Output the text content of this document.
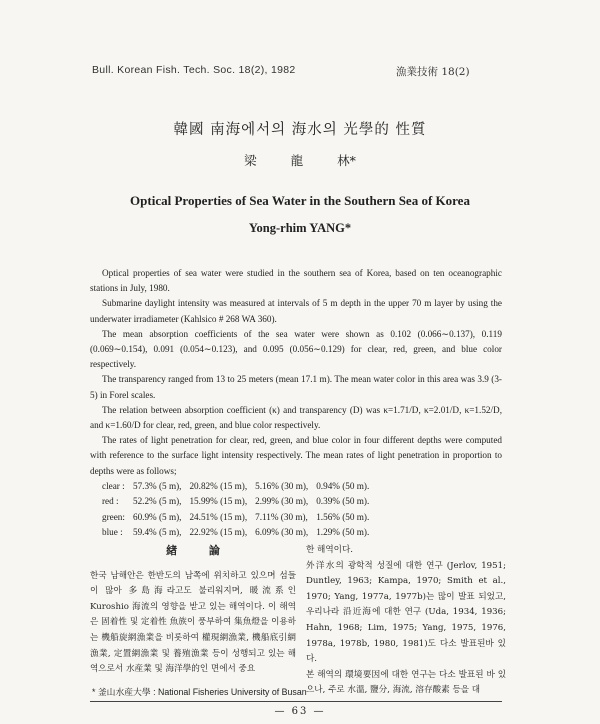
Bull. Korean Fish. Tech. Soc. 18(2), 1982	漁業技術 18(2)
韓國 南海에서의 海水의 光學的 性質
梁 龍 林*
Optical Properties of Sea Water in the Southern Sea of Korea
Yong-rhim YANG*

Optical properties of sea water were studied in the southern sea of Korea, based on ten oceanographic stations in July, 1980.

Submarine daylight intensity was measured at intervals of 5 m depth in the upper 70 m layer by using the underwater irradiameter (Kahlsico # 268 WA 360).

The mean absorption coefficients of the sea water were shown as 0.102 (0.066∼0.137), 0.119 (0.069∼0.154), 0.091 (0.054∼0.123), and 0.095 (0.056∼0.129) for clear, red, green, and blue color respectively.

The transparency ranged from 13 to 25 meters (mean 17.1 m). The mean water color in this area was 3.9 (3-5) in Forel scales.

The relation between absorption coefficient (κ) and transparency (D) was κ=1.71/D, κ=2.01/D, κ=1.52/D, and κ=1.60/D for clear, red, green, and blue color respectively.

The rates of light penetration for clear, red, green, and blue color in four different depths were computed with reference to the surface light intensity respectively. The mean rates of light penetration in proportion to depths were as follows;

clear :	57.3% (5 m),	20.82% (15 m),	5.16% (30 m),	0.94% (50 m).
red :	52.2% (5 m),	15.99% (15 m),	2.99% (30 m),	0.39% (50 m).
green:	60.9% (5 m),	24.51% (15 m),	7.11% (30 m),	1.56% (50 m).
blue :	59.4% (5 m),	22.92% (15 m),	6.09% (30 m),	1.29% (50 m).
緖 論

한국 남해안은 한반도의 남쪽에 위치하고 있으며 섬들이 많아 多島海라고도 불리워지며, 暖流系인 Kuroshio 海流의 영향을 받고 있는 해역이다. 이 해역은 固着性 및 定着性 魚族이 풍부하여 集魚燈을 이용하는 機船旋網漁業을 비롯하여 權現網漁業, 機船底引網漁業, 定置網漁業 및 養殖漁業 등이 성행되고 있는 해역으로서 水産業 및 海洋學的인 면에서 중요

한 해역이다.

外洋水의 광학적 성질에 대한 연구 (Jerlov, 1951; Duntley, 1963; Kampa, 1970; Smith et al., 1970; Yang, 1977a, 1977b)는 많이 발표 되었고, 우리나라 沿近海에 대한 연구 (Uda, 1934, 1936; Hahn, 1968; Lim, 1975; Yang, 1975, 1976, 1978a, 1978b, 1980, 1981)도 다소 발표된바 있다.

본 해역의 環境要因에 대한 연구는 다소 발표된 바 있으나, 주로 水溫, 鹽分, 海流, 溶存酸素 등을 대

* 釜山水産大學 : National Fisheries University of Busan
— 63 —
